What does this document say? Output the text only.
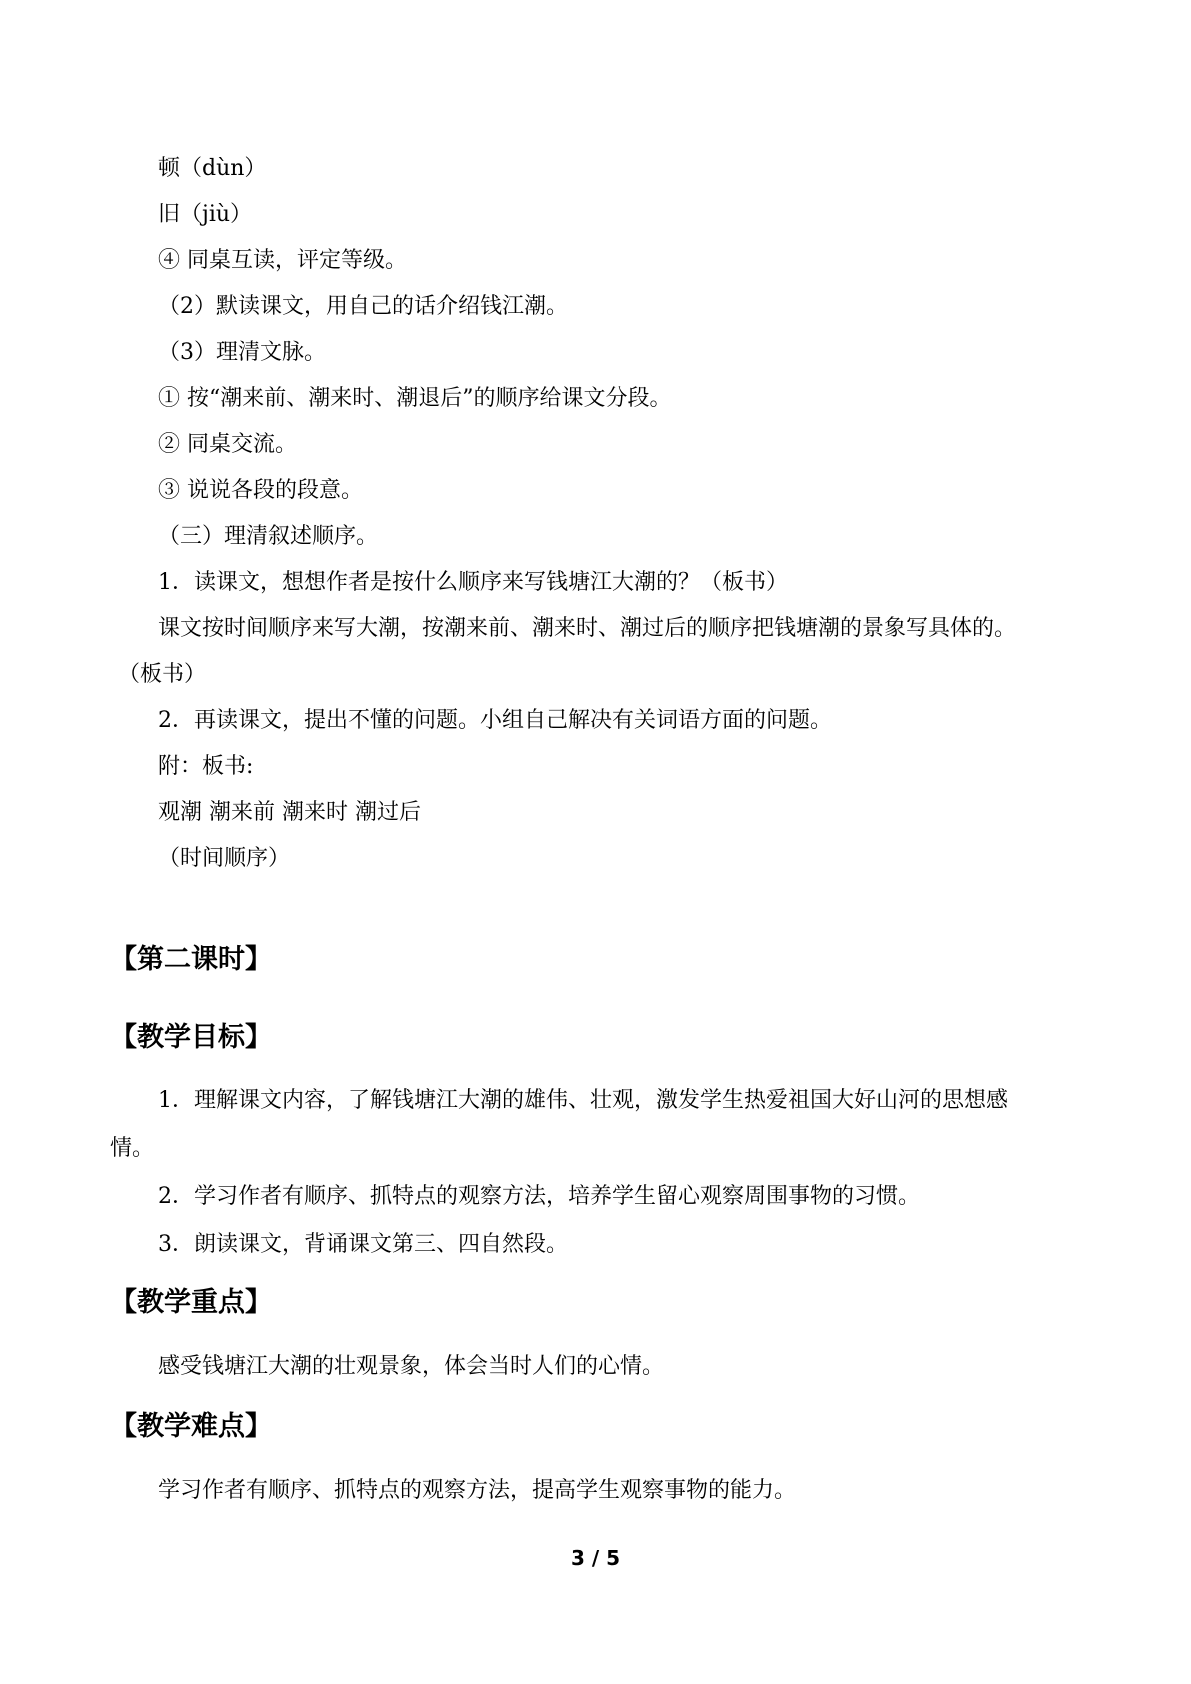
顿（dùn）
旧（jiù）
④ 同桌互读，评定等级。
（2）默读课文，用自己的话介绍钱江潮。
（3）理清文脉。
① 按“潮来前、潮来时、潮退后”的顺序给课文分段。
② 同桌交流。
③ 说说各段的段意。
（三）理清叙述顺序。
1．读课文，想想作者是按什么顺序来写钱塘江大潮的？（板书）
课文按时间顺序来写大潮，按潮来前、潮来时、潮过后的顺序把钱塘潮的景象写具体的。
（板书）
2．再读课文，提出不懂的问题。小组自己解决有关词语方面的问题。
附：板书:
观潮 潮来前 潮来时 潮过后
（时间顺序）
【第二课时】
【教学目标】
1．理解课文内容，了解钱塘江大潮的雄伟、壮观，激发学生热爱祖国大好山河的思想感
情。
2．学习作者有顺序、抓特点的观察方法，培养学生留心观察周围事物的习惯。
3．朗读课文，背诵课文第三、四自然段。
【教学重点】
感受钱塘江大潮的壮观景象，体会当时人们的心情。
【教学难点】
学习作者有顺序、抓特点的观察方法，提高学生观察事物的能力。
3 / 5
